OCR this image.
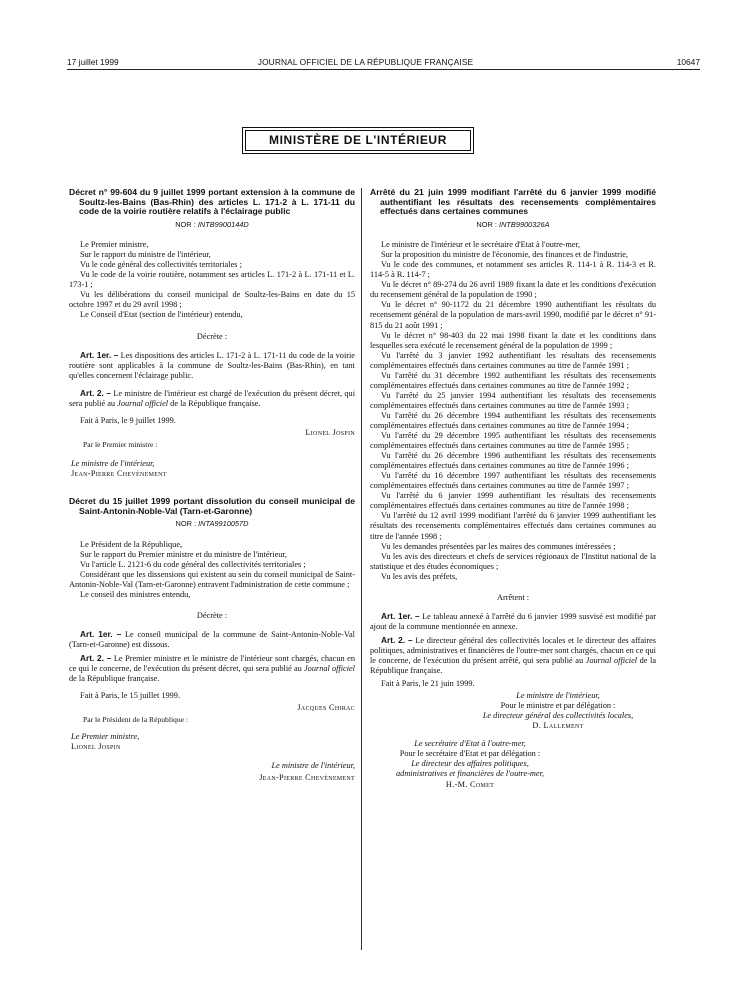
17 juillet 1999	JOURNAL OFFICIEL DE LA RÉPUBLIQUE FRANÇAISE	10647
MINISTÈRE DE L'INTÉRIEUR
Décret n° 99-604 du 9 juillet 1999 portant extension à la commune de Soultz-les-Bains (Bas-Rhin) des articles L. 171-2 à L. 171-11 du code de la voirie routière relatifs à l'éclairage public
NOR : INTB9900144D

Le Premier ministre,

Sur le rapport du ministre de l'intérieur,

Vu le code général des collectivités territoriales ;

Vu le code de la voirie routière, notamment ses articles L. 171-2 à L. 171-11 et L. 173-1 ;

Vu les délibérations du conseil municipal de Soultz-les-Bains en date du 15 octobre 1997 et du 29 avril 1998 ;

Le Conseil d'Etat (section de l'intérieur) entendu,

Décrète :

Art. 1er. – Les dispositions des articles L. 171-2 à L. 171-11 du code de la voirie routière sont applicables à la commune de Soultz-les-Bains (Bas-Rhin), en tant qu'elles concernent l'éclairage public.

Art. 2. – Le ministre de l'intérieur est chargé de l'exécution du présent décret, qui sera publié au Journal officiel de la République française.

Fait à Paris, le 9 juillet 1999.

Lionel Jospin

Par le Premier ministre :

Le ministre de l'intérieur,

Jean-Pierre Chevènement

Décret du 15 juillet 1999 portant dissolution du conseil municipal de Saint-Antonin-Noble-Val (Tarn-et-Garonne)
NOR : INTA9910057D

Le Président de la République,

Sur le rapport du Premier ministre et du ministre de l'intérieur,

Vu l'article L. 2121-6 du code général des collectivités territoriales ;

Considérant que les dissensions qui existent au sein du conseil municipal de Saint-Antonin-Noble-Val (Tarn-et-Garonne) entravent l'administration de cette commune ;

Le conseil des ministres entendu,

Décrète :

Art. 1er. – Le conseil municipal de la commune de Saint-Antonin-Noble-Val (Tarn-et-Garonne) est dissous.

Art. 2. – Le Premier ministre et le ministre de l'intérieur sont chargés, chacun en ce qui le concerne, de l'exécution du présent décret, qui sera publié au Journal officiel de la République française.

Fait à Paris, le 15 juillet 1999.

Jacques Chirac

Par le Président de la République :

Le Premier ministre,

Lionel Jospin

Le ministre de l'intérieur,

Jean-Pierre Chevènement

Arrêté du 21 juin 1999 modifiant l'arrêté du 6 janvier 1999 modifié authentifiant les résultats des recensements complémentaires effectués dans certaines communes
NOR : INTB9900326A

Le ministre de l'intérieur et le secrétaire d'Etat à l'outre-mer,

Sur la proposition du ministre de l'économie, des finances et de l'industrie,

Vu le code des communes, et notamment ses articles R. 114-1 à R. 114-3 et R. 114-5 à R. 114-7 ;

Vu le décret n° 89-274 du 26 avril 1989 fixant la date et les conditions d'exécution du recensement général de la population de 1990 ;

Vu le décret n° 90-1172 du 21 décembre 1990 authentifiant les résultats du recensement général de la population de mars-avril 1990, modifié par le décret n° 91-815 du 21 août 1991 ;

Vu le décret n° 98-403 du 22 mai 1998 fixant la date et les conditions dans lesquelles sera exécuté le recensement général de la population de 1999 ;

Vu l'arrêté du 3 janvier 1992 authentifiant les résultats des recensements complémentaires effectués dans certaines communes au titre de l'année 1991 ;

Vu l'arrêté du 31 décembre 1992 authentifiant les résultats des recensements complémentaires effectués dans certaines communes au titre de l'année 1992 ;

Vu l'arrêté du 25 janvier 1994 authentifiant les résultats des recensements complémentaires effectués dans certaines communes au titre de l'année 1993 ;

Vu l'arrêté du 26 décembre 1994 authentifiant les résultats des recensements complémentaires effectués dans certaines communes au titre de l'année 1994 ;

Vu l'arrêté du 29 décembre 1995 authentifiant les résultats des recensements complémentaires effectués dans certaines communes au titre de l'année 1995 ;

Vu l'arrêté du 26 décembre 1996 authentifiant les résultats des recensements complémentaires effectués dans certaines communes au titre de l'année 1996 ;

Vu l'arrêté du 16 décembre 1997 authentifiant les résultats des recensements complémentaires effectués dans certaines communes au titre de l'année 1997 ;

Vu l'arrêté du 6 janvier 1999 authentifiant les résultats des recensements complémentaires effectués dans certaines communes au titre de l'année 1998 ;

Vu l'arrêté du 12 avril 1999 modifiant l'arrêté du 6 janvier 1999 authentifiant les résultats des recensements complémentaires effectués dans certaines communes au titre de l'année 1998 ;

Vu les demandes présentées par les maires des communes intéressées ;

Vu les avis des directeurs et chefs de services régionaux de l'Institut national de la statistique et des études économiques ;

Vu les avis des préfets,

Arrêtent :

Art. 1er. – Le tableau annexé à l'arrêté du 6 janvier 1999 susvisé est modifié par ajout de la commune mentionnée en annexe.

Art. 2. – Le directeur général des collectivités locales et le directeur des affaires politiques, administratives et financières de l'outre-mer sont chargés, chacun en ce qui le concerne, de l'exécution du présent arrêté, qui sera publié au Journal officiel de la République française.

Fait à Paris, le 21 juin 1999.

Le ministre de l'intérieur,

Pour le ministre et par délégation :

Le directeur général des collectivités locales,

D. Lallement

Le secrétaire d'Etat à l'outre-mer,

Pour le secrétaire d'Etat et par délégation :

Le directeur des affaires politiques,

administratives et financières de l'outre-mer,

H.-M. Comet
